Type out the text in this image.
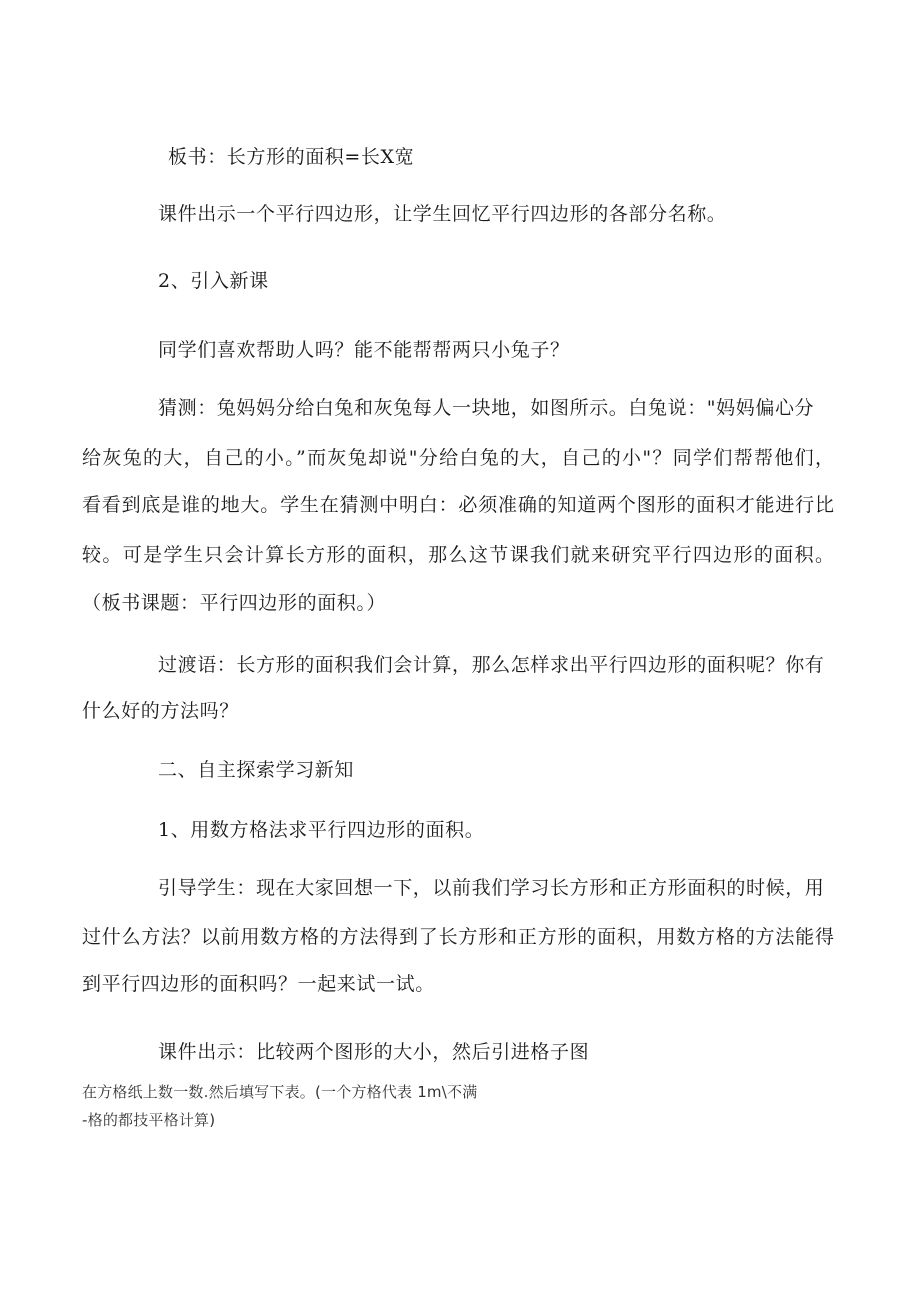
板书：长方形的面积=长X宽
课件出示一个平行四边形，让学生回忆平行四边形的各部分名称。
2、引入新课
同学们喜欢帮助人吗？能不能帮帮两只小兔子？
猜测：兔妈妈分给白兔和灰兔每人一块地，如图所示。白兔说："妈妈偏心分
给灰兔的大，自己的小。”而灰兔却说"分给白兔的大，自己的小"？同学们帮帮他们，
看看到底是谁的地大。学生在猜测中明白：必须准确的知道两个图形的面积才能进行比
较。可是学生只会计算长方形的面积，那么这节课我们就来研究平行四边形的面积。
（板书课题：平行四边形的面积。）
过渡语：长方形的面积我们会计算，那么怎样求出平行四边形的面积呢？你有
什么好的方法吗？
二、自主探索学习新知
1、用数方格法求平行四边形的面积。
引导学生：现在大家回想一下，以前我们学习长方形和正方形面积的时候，用
过什么方法？以前用数方格的方法得到了长方形和正方形的面积，用数方格的方法能得
到平行四边形的面积吗？一起来试一试。
课件出示：比较两个图形的大小，然后引进格子图
在方格纸上数一数.然后填写下表。(一个方格代表 1m\不满
-格的都技平格计算)
